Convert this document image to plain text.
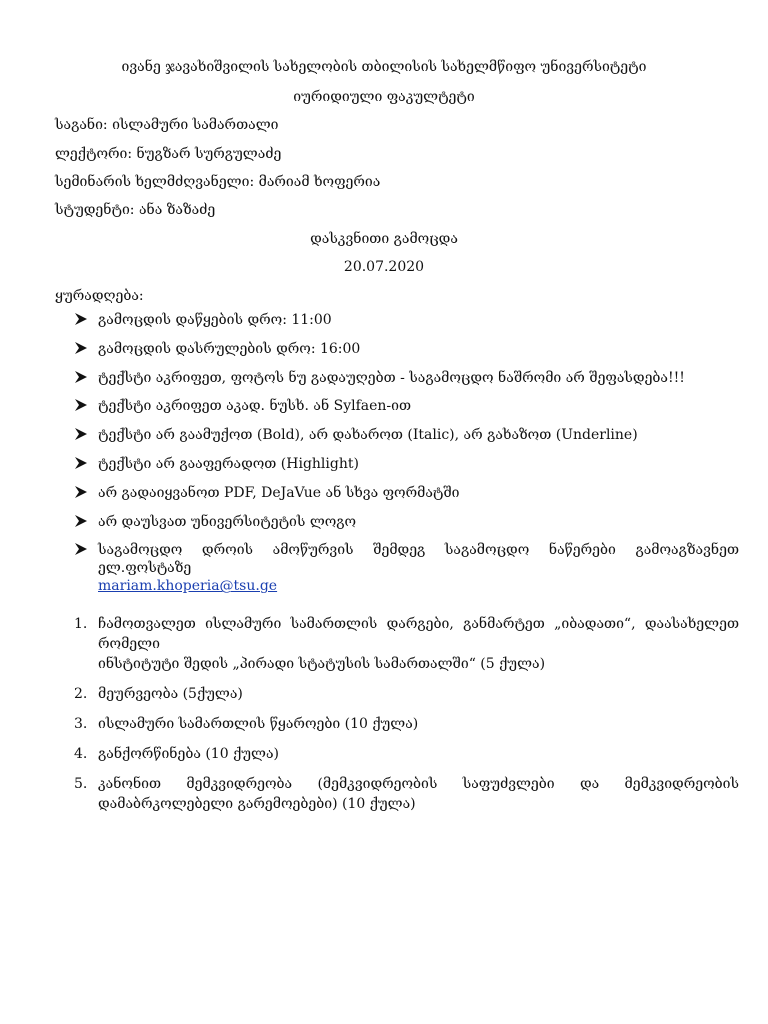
ივანე ჯავახიშვილის სახელობის თბილისის სახელმწიფო უნივერსიტეტი
იურიდიული ფაკულტეტი
საგანი: ისლამური სამართალი
ლექტორი: ნუგზარ სურგულაძე
სემინარის ხელმძღვანელი: მარიამ ხოფერია
სტუდენტი: ანა ზაზაძე
დასკვნითი გამოცდა
20.07.2020
ყურადღება:
გამოცდის დაწყების დრო: 11:00
გამოცდის დასრულების დრო: 16:00
ტექსტი აკრიფეთ, ფოტოს ნუ გადაუღებთ - საგამოცდო ნაშრომი არ შეფასდება!!!
ტექსტი აკრიფეთ აკად. ნუსხ. ან Sylfaen-ით
ტექსტი არ გაამუქოთ (Bold), არ დახაროთ (Italic), არ გახაზოთ (Underline)
ტექსტი არ გააფერადოთ (Highlight)
არ გადაიყვანოთ PDF, DeJaVue ან სხვა ფორმატში
არ დაუსვათ უნივერსიტეტის ლოგო
საგამოცდო დროის ამოწურვის შემდეგ საგამოცდო ნაწერები გამოაგზავნეთ ელ.ფოსტაზე
mariam.khoperia@tsu.ge
1. ჩამოთვალეთ ისლამური სამართლის დარგები, განმარტეთ „იბადათი“, დაასახელეთ რომელი
ინსტიტუტი შედის „პირადი სტატუსის სამართალში“ (5 ქულა)
2. მეურვეობა (5ქულა)
3. ისლამური სამართლის წყაროები (10 ქულა)
4. განქორწინება (10 ქულა)
5. კანონით მემკვიდრეობა (მემკვიდრეობის საფუძვლები და მემკვიდრეობის
დამაბრკოლებელი გარემოებები) (10 ქულა)
